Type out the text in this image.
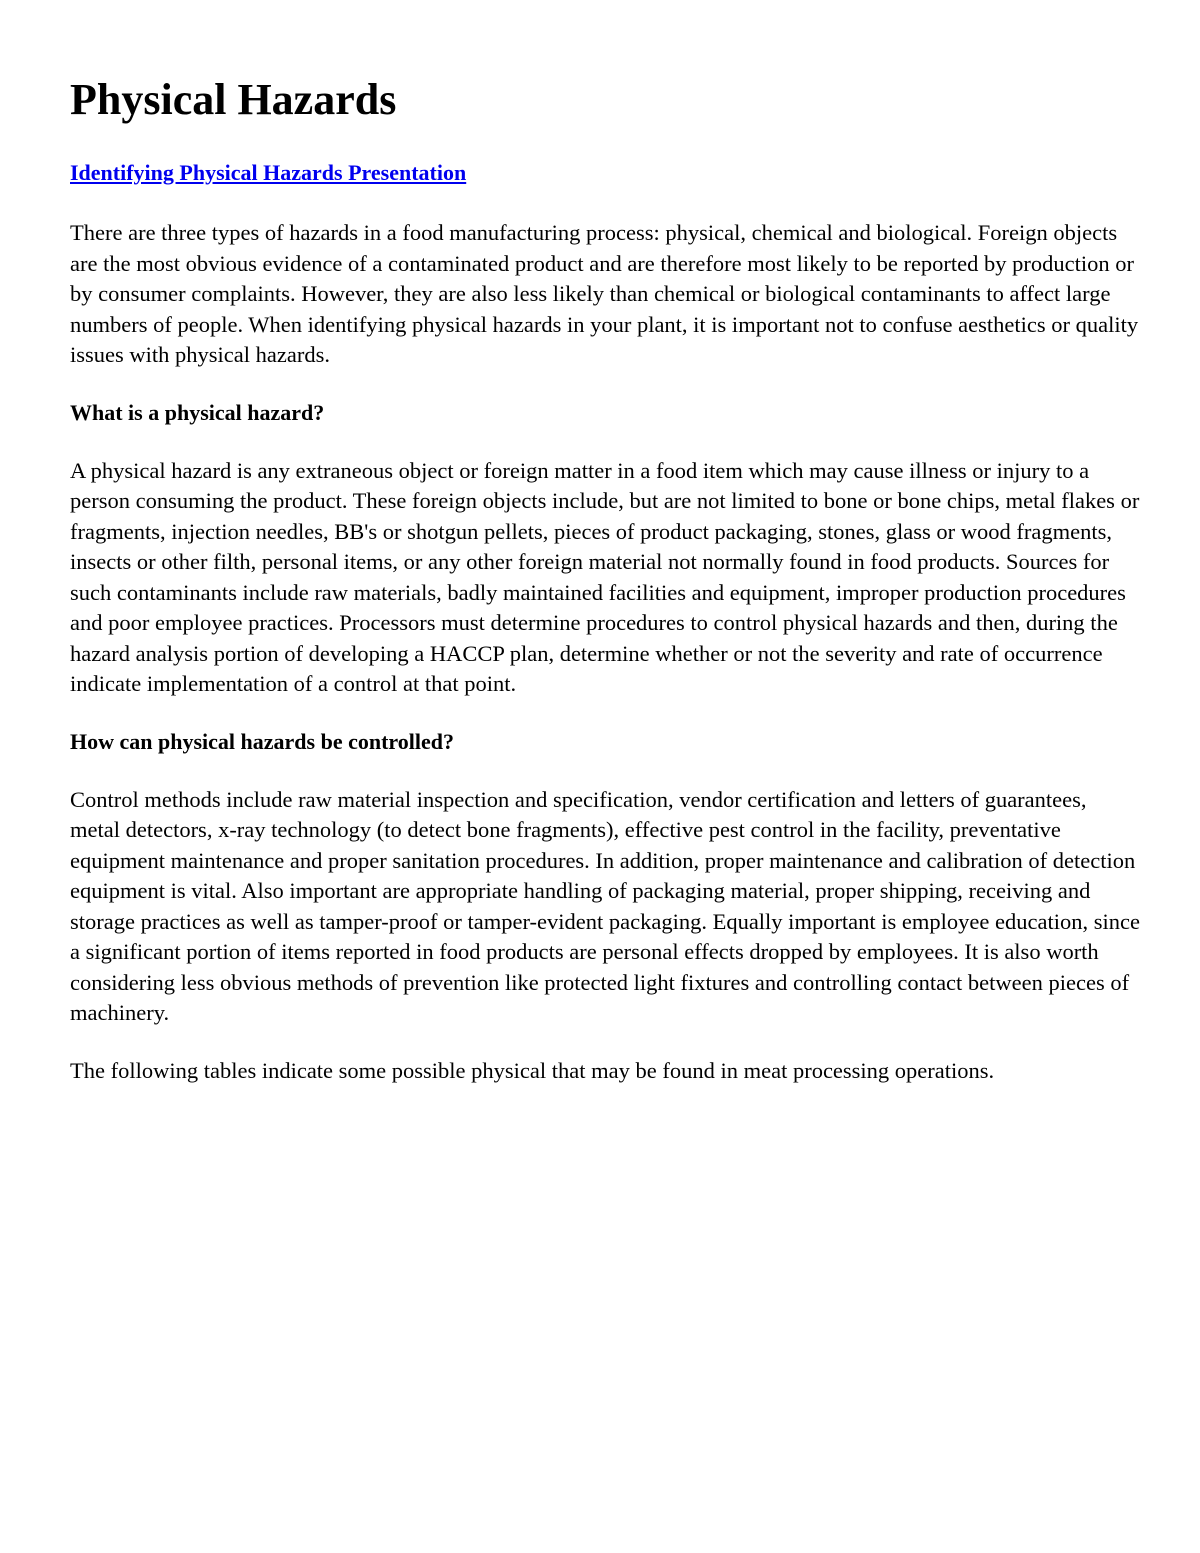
Physical Hazards
Identifying Physical Hazards Presentation

There are three types of hazards in a food manufacturing process: physical, chemical and biological. Foreign objects are the most obvious evidence of a contaminated product and are therefore most likely to be reported by production or by consumer complaints. However, they are also less likely than chemical or biological contaminants to affect large numbers of people. When identifying physical hazards in your plant, it is important not to confuse aesthetics or quality issues with physical hazards.

What is a physical hazard?

A physical hazard is any extraneous object or foreign matter in a food item which may cause illness or injury to a person consuming the product. These foreign objects include, but are not limited to bone or bone chips, metal flakes or fragments, injection needles, BB's or shotgun pellets, pieces of product packaging, stones, glass or wood fragments, insects or other filth, personal items, or any other foreign material not normally found in food products. Sources for such contaminants include raw materials, badly maintained facilities and equipment, improper production procedures and poor employee practices. Processors must determine procedures to control physical hazards and then, during the hazard analysis portion of developing a HACCP plan, determine whether or not the severity and rate of occurrence indicate implementation of a control at that point.

How can physical hazards be controlled?

Control methods include raw material inspection and specification, vendor certification and letters of guarantees, metal detectors, x-ray technology (to detect bone fragments), effective pest control in the facility, preventative equipment maintenance and proper sanitation procedures. In addition, proper maintenance and calibration of detection equipment is vital. Also important are appropriate handling of packaging material, proper shipping, receiving and storage practices as well as tamper-proof or tamper-evident packaging. Equally important is employee education, since a significant portion of items reported in food products are personal effects dropped by employees. It is also worth considering less obvious methods of prevention like protected light fixtures and controlling contact between pieces of machinery.

The following tables indicate some possible physical that may be found in meat processing operations.
